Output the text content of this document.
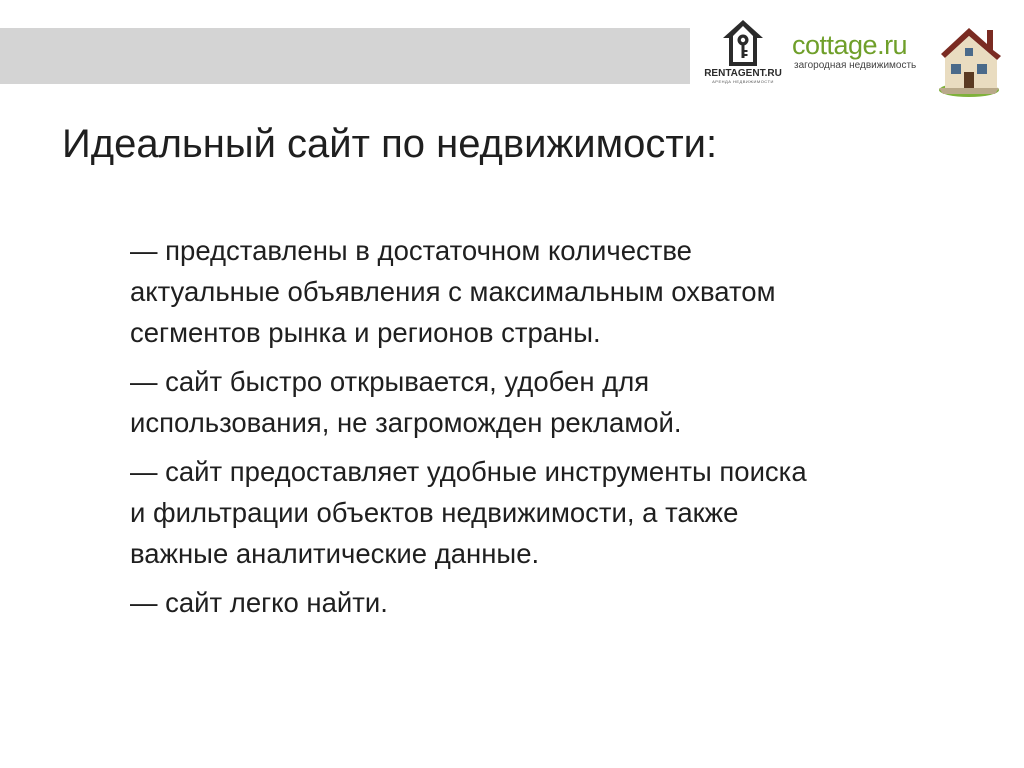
RENTAGENT.RU
АРЕНДА НЕДВИЖИМОСТИ
cottage.ru
загородная недвижимость
Идеальный сайт по недвижимости:
— представлены в достаточном количестве
актуальные объявления с максимальным охватом
сегментов рынка и регионов страны.
— сайт быстро открывается, удобен для
использования, не загроможден рекламой.
— сайт предоставляет удобные инструменты поиска
и фильтрации объектов недвижимости, а также
важные аналитические данные.
— сайт легко найти.
